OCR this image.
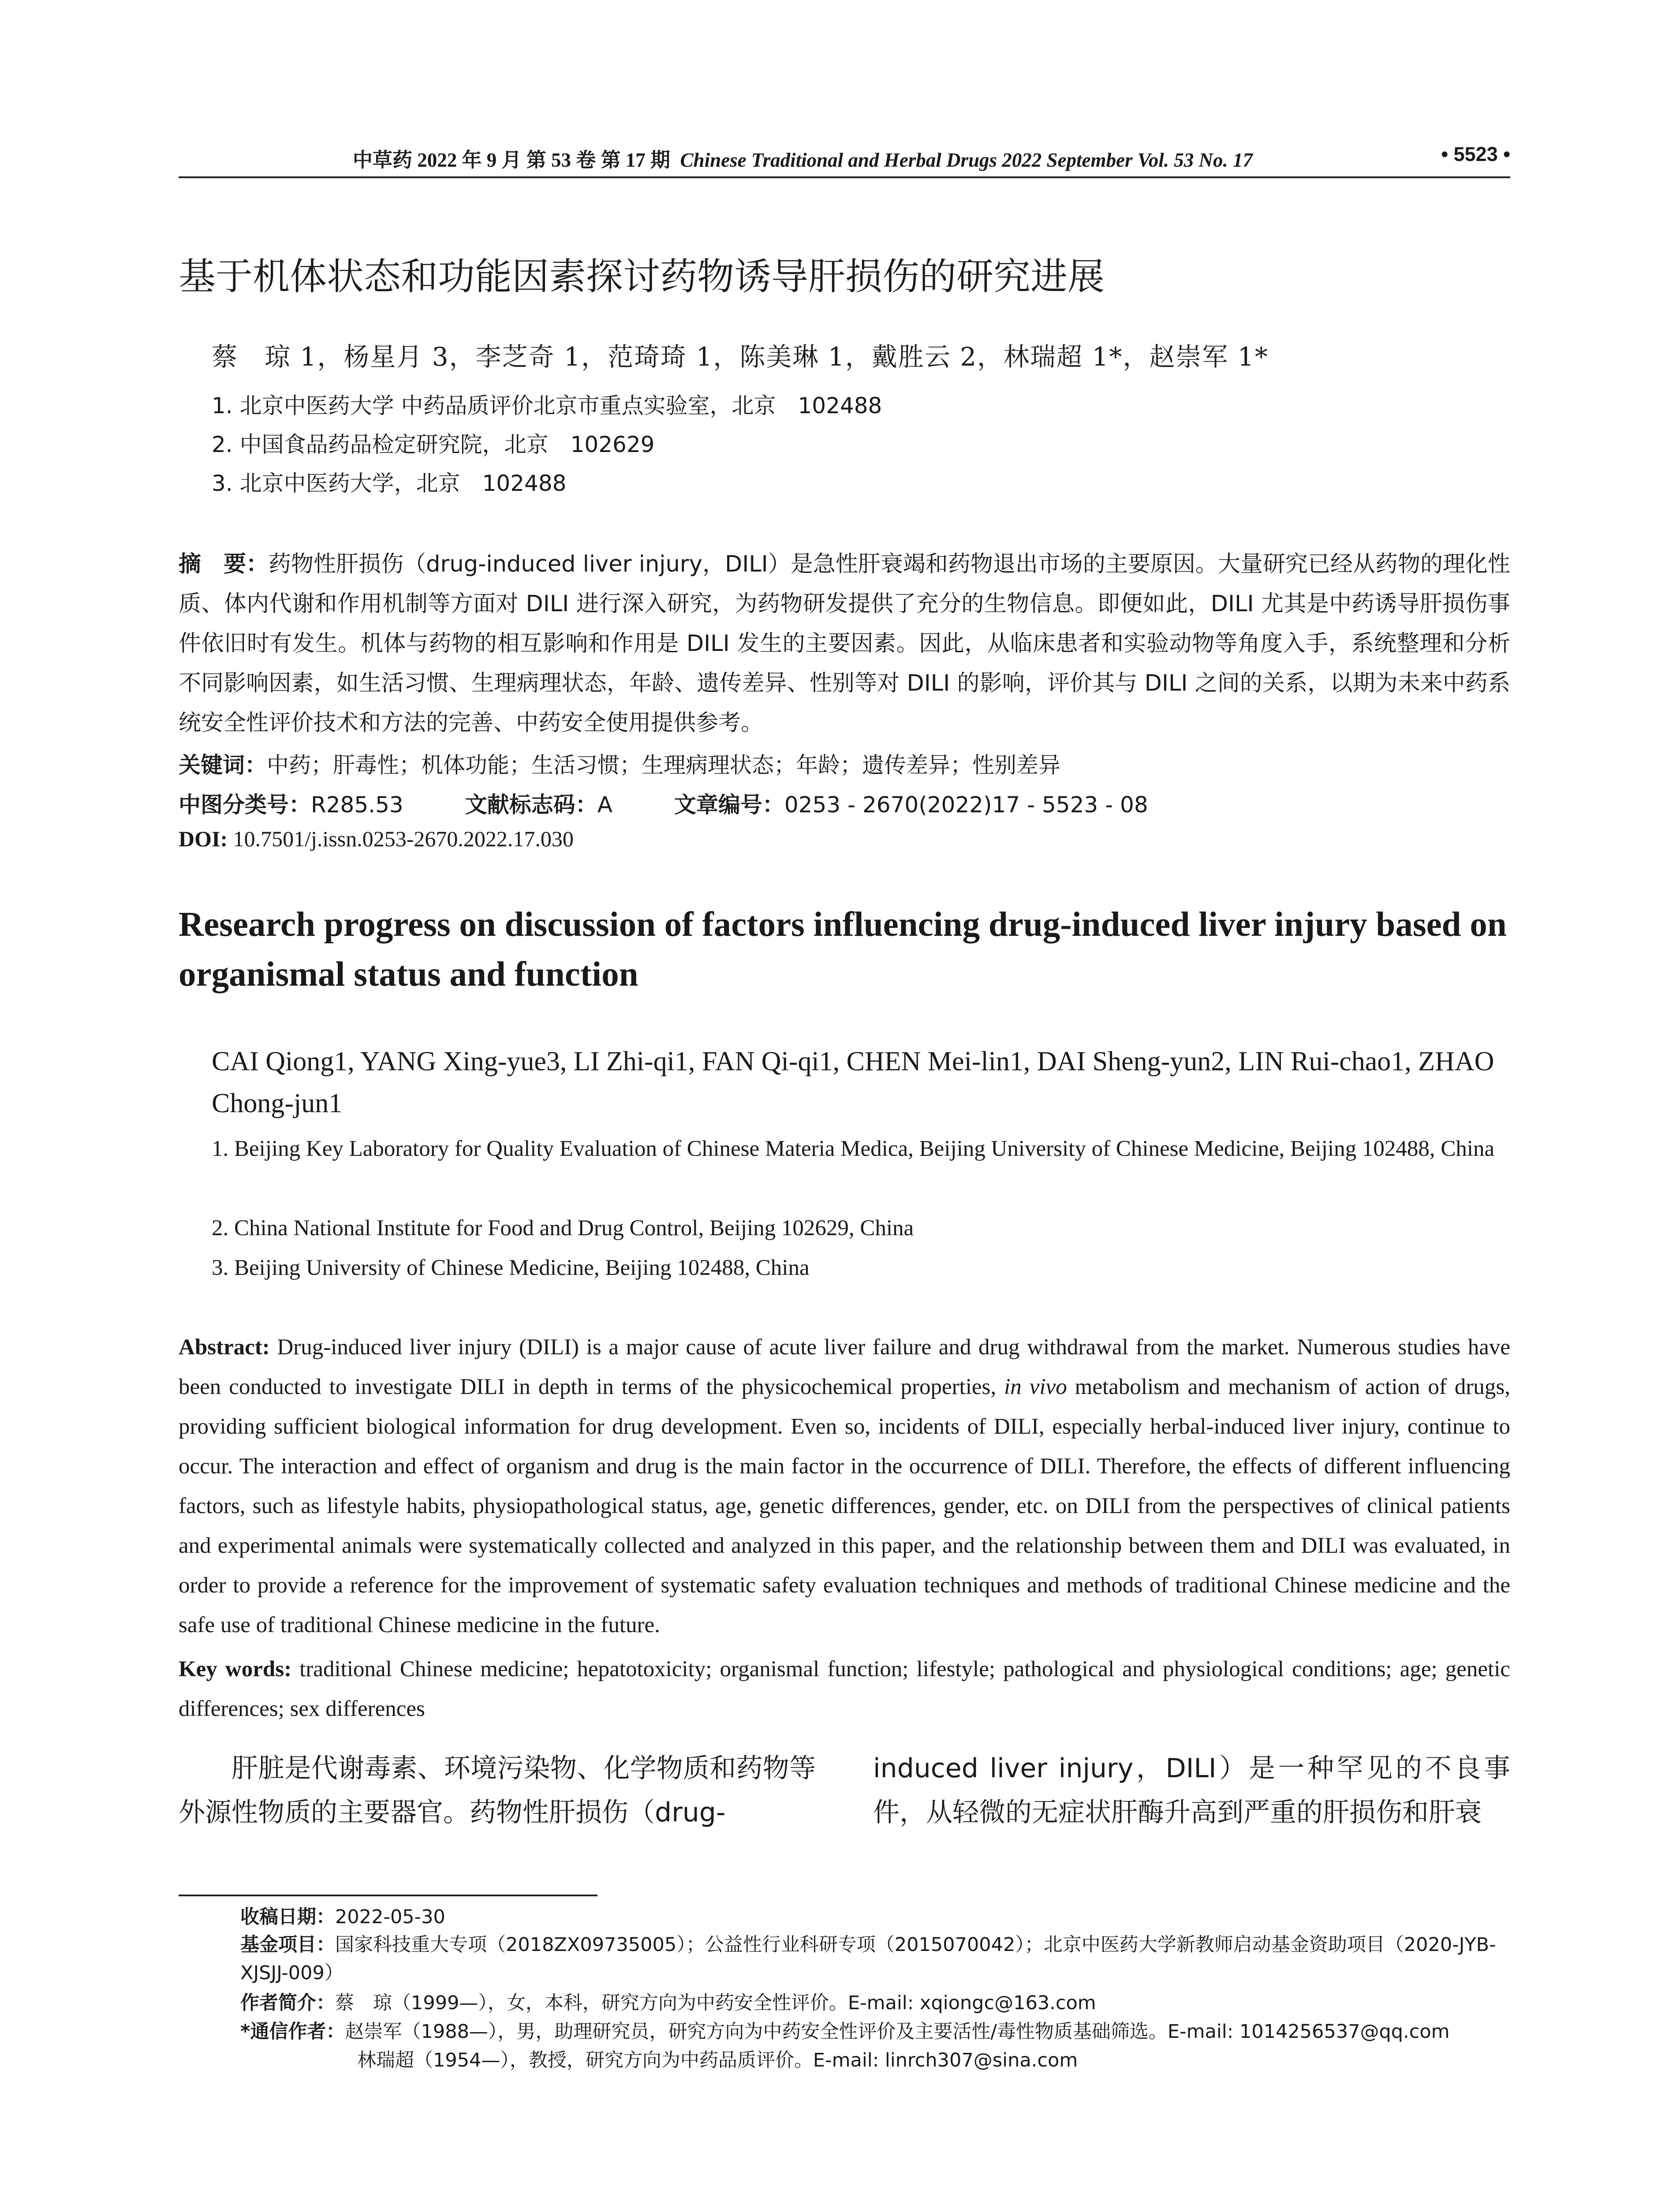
中草药 2022 年 9 月 第 53 卷 第 17 期 Chinese Traditional and Herbal Drugs 2022 September Vol. 53 No. 17	• 5523 •
基于机体状态和功能因素探讨药物诱导肝损伤的研究进展
蔡　琼 1，杨星月 3，李芝奇 1，范琦琦 1，陈美琳 1，戴胜云 2，林瑞超 1*，赵崇军 1*
1. 北京中医药大学 中药品质评价北京市重点实验室，北京　102488
2. 中国食品药品检定研究院，北京　102629
3. 北京中医药大学，北京　102488
摘　要：药物性肝损伤（drug-induced liver injury，DILI）是急性肝衰竭和药物退出市场的主要原因。大量研究已经从药物的理化性质、体内代谢和作用机制等方面对 DILI 进行深入研究，为药物研发提供了充分的生物信息。即便如此，DILI 尤其是中药诱导肝损伤事件依旧时有发生。机体与药物的相互影响和作用是 DILI 发生的主要因素。因此，从临床患者和实验动物等角度入手，系统整理和分析不同影响因素，如生活习惯、生理病理状态，年龄、遗传差异、性别等对 DILI 的影响，评价其与 DILI 之间的关系，以期为未来中药系统安全性评价技术和方法的完善、中药安全使用提供参考。
关键词：中药；肝毒性；机体功能；生活习惯；生理病理状态；年龄；遗传差异；性别差异
中图分类号：R285.53	文献标志码：A	文章编号：0253 - 2670(2022)17 - 5523 - 08
DOI: 10.7501/j.issn.0253-2670.2022.17.030
Research progress on discussion of factors influencing drug-induced liver injury based on organismal status and function
CAI Qiong1, YANG Xing-yue3, LI Zhi-qi1, FAN Qi-qi1, CHEN Mei-lin1, DAI Sheng-yun2, LIN Rui-chao1, ZHAO Chong-jun1
1. Beijing Key Laboratory for Quality Evaluation of Chinese Materia Medica, Beijing University of Chinese Medicine, Beijing 102488, China
2. China National Institute for Food and Drug Control, Beijing 102629, China
3. Beijing University of Chinese Medicine, Beijing 102488, China
Abstract: Drug-induced liver injury (DILI) is a major cause of acute liver failure and drug withdrawal from the market. Numerous studies have been conducted to investigate DILI in depth in terms of the physicochemical properties, in vivo metabolism and mechanism of action of drugs, providing sufficient biological information for drug development. Even so, incidents of DILI, especially herbal-induced liver injury, continue to occur. The interaction and effect of organism and drug is the main factor in the occurrence of DILI. Therefore, the effects of different influencing factors, such as lifestyle habits, physiopathological status, age, genetic differences, gender, etc. on DILI from the perspectives of clinical patients and experimental animals were systematically collected and analyzed in this paper, and the relationship between them and DILI was evaluated, in order to provide a reference for the improvement of systematic safety evaluation techniques and methods of traditional Chinese medicine and the safe use of traditional Chinese medicine in the future.
Key words: traditional Chinese medicine; hepatotoxicity; organismal function; lifestyle; pathological and physiological conditions; age; genetic differences; sex differences
肝脏是代谢毒素、环境污染物、化学物质和药物等外源性物质的主要器官。药物性肝损伤（drug-
induced liver injury，DILI）是一种罕见的不良事件，从轻微的无症状肝酶升高到严重的肝损伤和肝衰
收稿日期：2022-05-30
基金项目：国家科技重大专项（2018ZX09735005）；公益性行业科研专项（2015070042）；北京中医药大学新教师启动基金资助项目（2020-JYB-XJSJJ-009）
作者简介：蔡　琼（1999—），女，本科，研究方向为中药安全性评价。E-mail: xqiongc@163.com
*通信作者：赵崇军（1988—），男，助理研究员，研究方向为中药安全性评价及主要活性/毒性物质基础筛选。E-mail: 1014256537@qq.com
林瑞超（1954—），教授，研究方向为中药品质评价。E-mail: linrch307@sina.com
